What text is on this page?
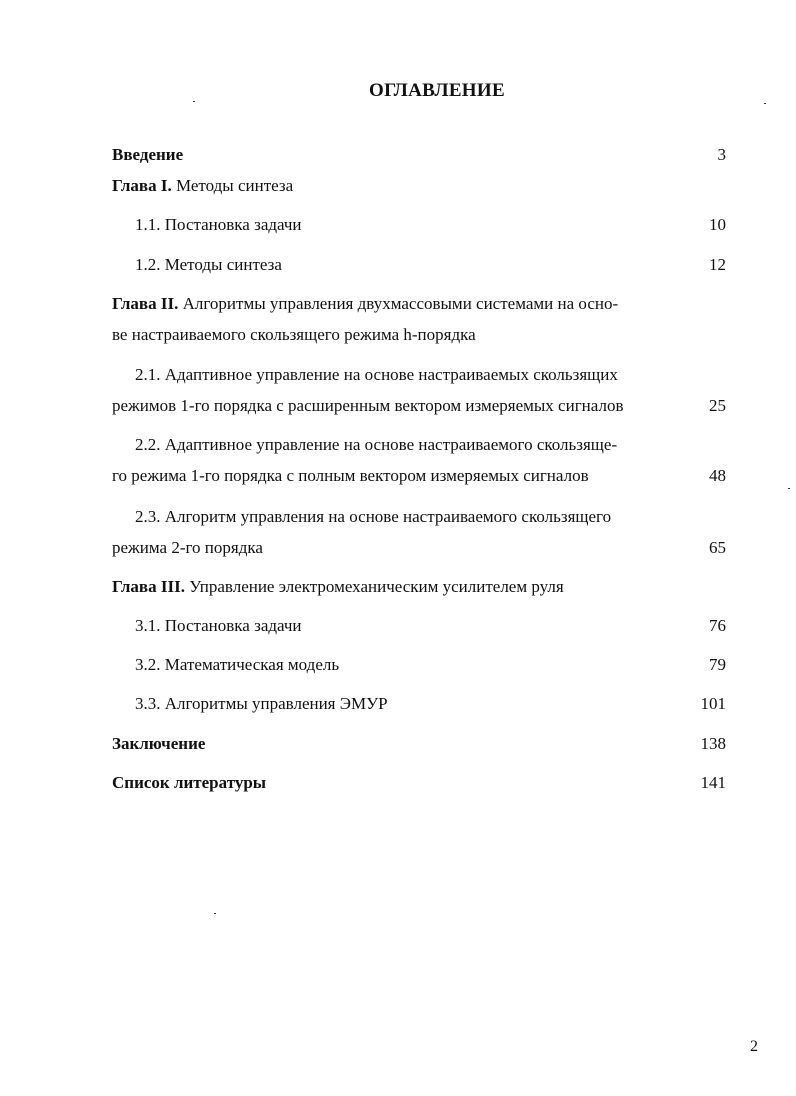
ОГЛАВЛЕНИЕ
Введение	3
Глава I. Методы синтеза
1.1. Постановка задачи	10
1.2. Методы синтеза	12
Глава II. Алгоритмы управления двухмассовыми системами на осно-
ве настраиваемого скользящего режима h-порядка
2.1. Адаптивное управление на основе настраиваемых скользящих
режимов 1-го порядка с расширенным вектором измеряемых сигналов	25
2.2. Адаптивное управление на основе настраиваемого скользяще-
го режима 1-го порядка с полным вектором измеряемых сигналов	48
2.3. Алгоритм управления на основе настраиваемого скользящего
режима 2-го порядка	65
Глава III. Управление электромеханическим усилителем руля
3.1. Постановка задачи	76
3.2. Математическая модель	79
3.3. Алгоритмы управления ЭМУР	101
Заключение	138
Список литературы	141
2
